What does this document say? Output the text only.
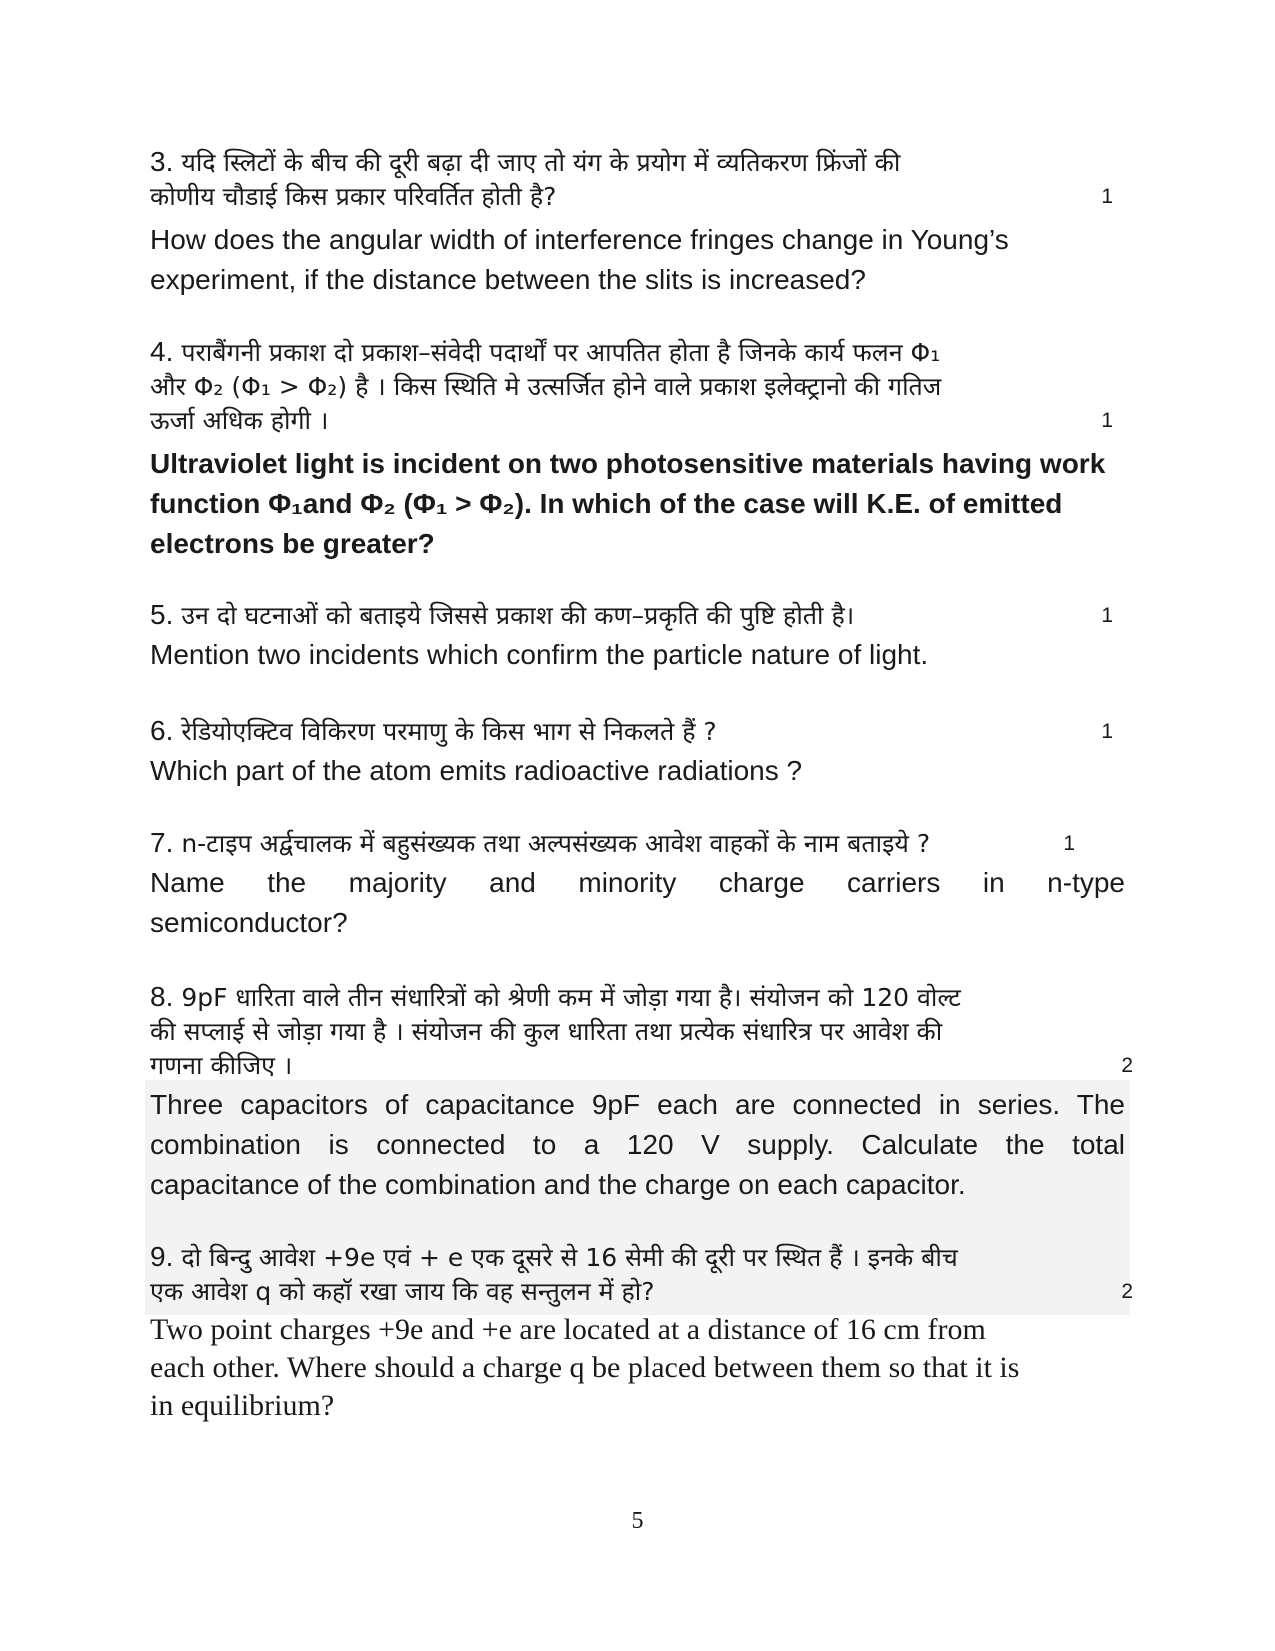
3. यदि स्लिटों के बीच की दूरी बढ़ा दी जाए तो यंग के प्रयोग में व्यतिकरण फ्रिंजों की
कोणीय चौडाई किस प्रकार परिवर्तित होती है?	1
How does the angular width of interference fringes change in Young’s
experiment, if the distance between the slits is increased?
4. पराबैंगनी प्रकाश दो प्रकाश–संवेदी पदार्थों पर आपतित होता है जिनके कार्य फलन Φ₁
और Φ₂ (Φ₁ > Φ₂) है । किस स्थिति मे उत्सर्जित होने वाले प्रकाश इलेक्ट्रानो की गतिज
ऊर्जा अधिक होगी ।	1
Ultraviolet light is incident on two photosensitive materials having work
function Φ₁and Φ₂ (Φ₁ > Φ₂). In which of the case will K.E. of emitted
electrons be greater?
5. उन दो घटनाओं को बताइये जिससे प्रकाश की कण–प्रकृति की पुष्टि होती है।	1
Mention two incidents which confirm the particle nature of light.
6. रेडियोएक्टिव विकिरण परमाणु के किस भाग से निकलते हैं ?	1
Which part of the atom emits radioactive radiations ?
7. n-टाइप अर्द्वचालक में बहुसंख्यक तथा अल्पसंख्यक आवेश वाहकों के नाम बताइये ?	1
Name the majority and minority charge carriers in n-type
semiconductor?
8. 9pF धारिता वाले तीन संधारित्रों को श्रेणी कम में जोड़ा गया है। संयोजन को 120 वोल्ट
की सप्लाई से जोड़ा गया है । संयोजन की कुल धारिता तथा प्रत्येक संधारित्र पर आवेश की
गणना कीजिए ।	2
Three capacitors of capacitance 9pF each are connected in series. The
combination is connected to a 120 V supply. Calculate the total
capacitance of the combination and the charge on each capacitor.
9. दो बिन्दु आवेश +9e एवं + e एक दूसरे से 16 सेमी की दूरी पर स्थित हैं । इनके बीच
एक आवेश q को कहॉ रखा जाय कि वह सन्तुलन में हो?	2
Two point charges +9e and +e are located at a distance of 16 cm from
each other. Where should a charge q be placed between them so that it is
in equilibrium?
5
